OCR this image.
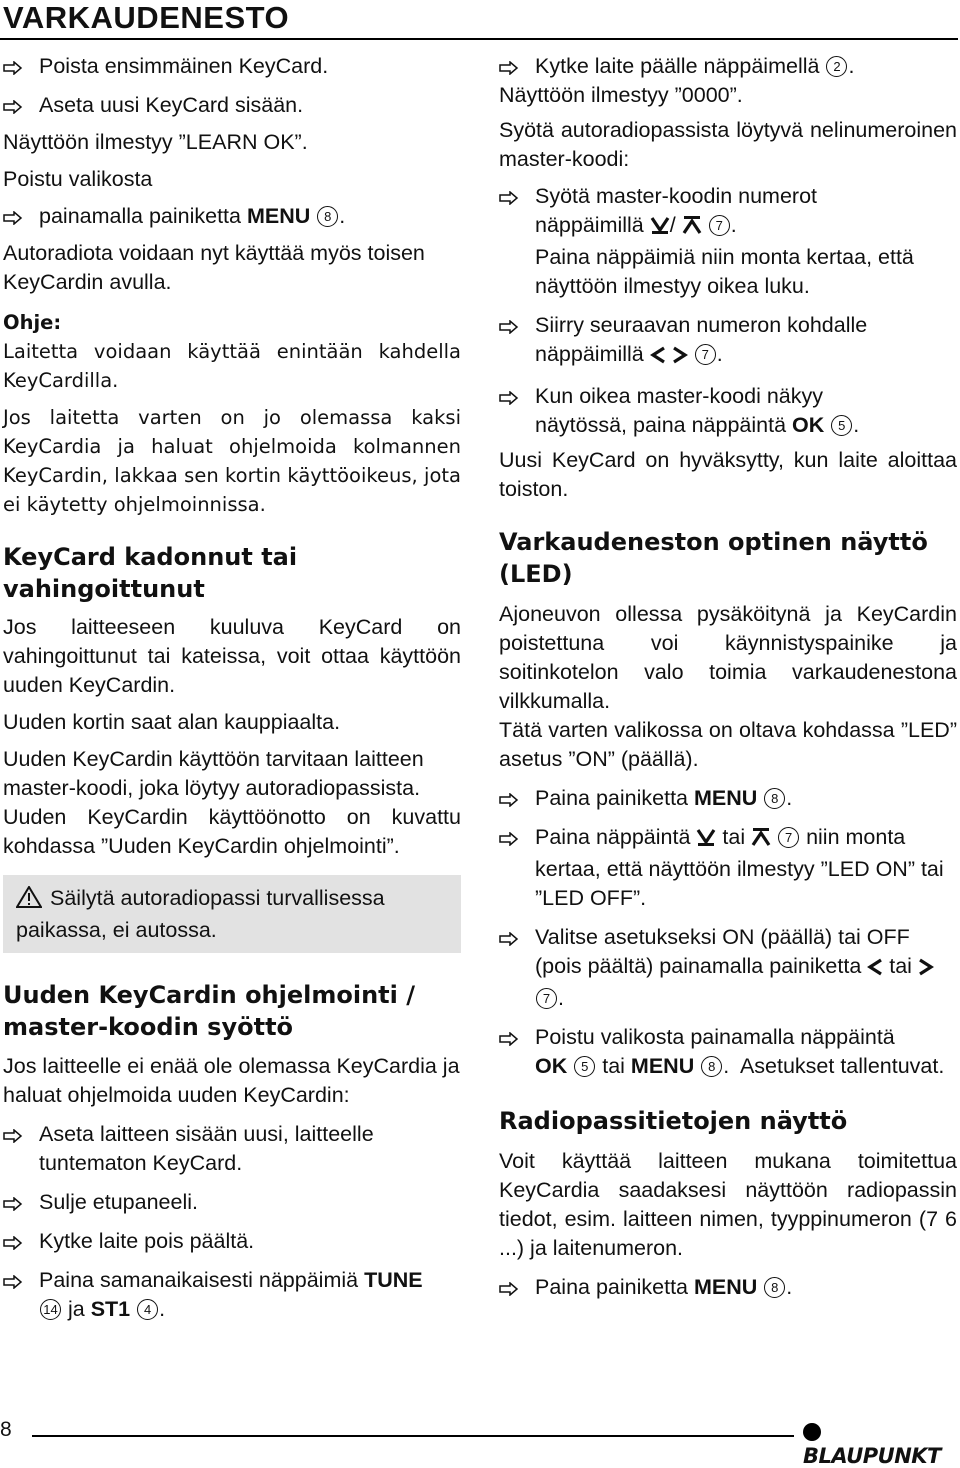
VARKAUDENESTO
Poista ensimmäinen KeyCard.
Aseta uusi KeyCard sisään.

Näyttöön ilmestyy ”LEARN OK”.

Poistu valikosta

painamalla painiketta MENU 8 .

Autoradiota voidaan nyt käyttää myös toisen KeyCardin avulla.

Ohje:

Laitetta voidaan käyttää enintään kahdella KeyCardilla.

Jos laitetta varten on jo olemassa kaksi KeyCardia ja haluat ohjelmoida kolmannen KeyCardin, lakkaa sen kortin käyttöoikeus, jota ei käytetty ohjelmoinnissa.

KeyCard kadonnut tai vahingoittunut

Jos laitteeseen kuuluva KeyCard on vahingoittunut tai kateissa, voit ottaa käyttöön uuden KeyCardin.

Uuden kortin saat alan kauppiaalta.

Uuden KeyCardin käyttöön tarvitaan laitteen master-koodi, joka löytyy autoradiopassista.

Uuden KeyCardin käyttöönotto on kuvattu kohdassa ”Uuden KeyCardin ohjelmointi”.

Säilytä autoradiopassi turvallisessa paikassa, ei autossa.
Uuden KeyCardin ohjelmointi / master-koodin syöttö

Jos laitteelle ei enää ole olemassa KeyCardia ja haluat ohjelmoida uuden KeyCardin:

Aseta laitteen sisään uusi, laitteelle tuntematon KeyCard.
Sulje etupaneeli.
Kytke laite pois päältä.
Paina samanaikaisesti näppäimiä TUNE
14 ja ST1 4 .
Kytke laite päälle näppäimellä 2 .

Näyttöön ilmestyy ”0000”.

Syötä autoradiopassista löytyvä nelinumeroinen master-koodi:

Syötä master-koodin numerot
näppäimillä /	7 .
Paina näppäimiä niin monta kertaa, että näyttöön ilmestyy oikea luku.
Siirry seuraavan numeron kohdalle
näppäimillä	7 .
Kun oikea master-koodi näkyy
näytössä, paina näppäintä OK 5 .

Uusi KeyCard on hyväksytty, kun laite aloittaa toiston.

Varkaudeneston optinen näyttö (LED)

Ajoneuvon ollessa pysäköitynä ja KeyCardin poistettuna voi käynnistyspainike ja soitinkotelon valo toimia varkaudenestona vilkkumalla.

Tätä varten valikossa on oltava kohdassa ”LED” asetus ”ON” (päällä).

Paina painiketta MENU 8 .
Paina näppäintä tai	7 niin monta kertaa, että näyttöön ilmestyy ”LED ON” tai ”LED OFF”.
Valitse asetukseksi ON (päällä) tai OFF (pois päältä) painamalla painiketta tai  7 .
Poistu valikosta painamalla näppäintä
OK 5 tai MENU 8 .  Asetukset tallentuvat.
Radiopassitietojen näyttö

Voit käyttää laitteen mukana toimitettua KeyCardia saadaksesi näyttöön radiopassin tiedot, esim. laitteen nimen, tyyppinumeron (7 6 ...) ja laitenumeron.

Paina painiketta MENU 8 .
8
BLAUPUNKT
